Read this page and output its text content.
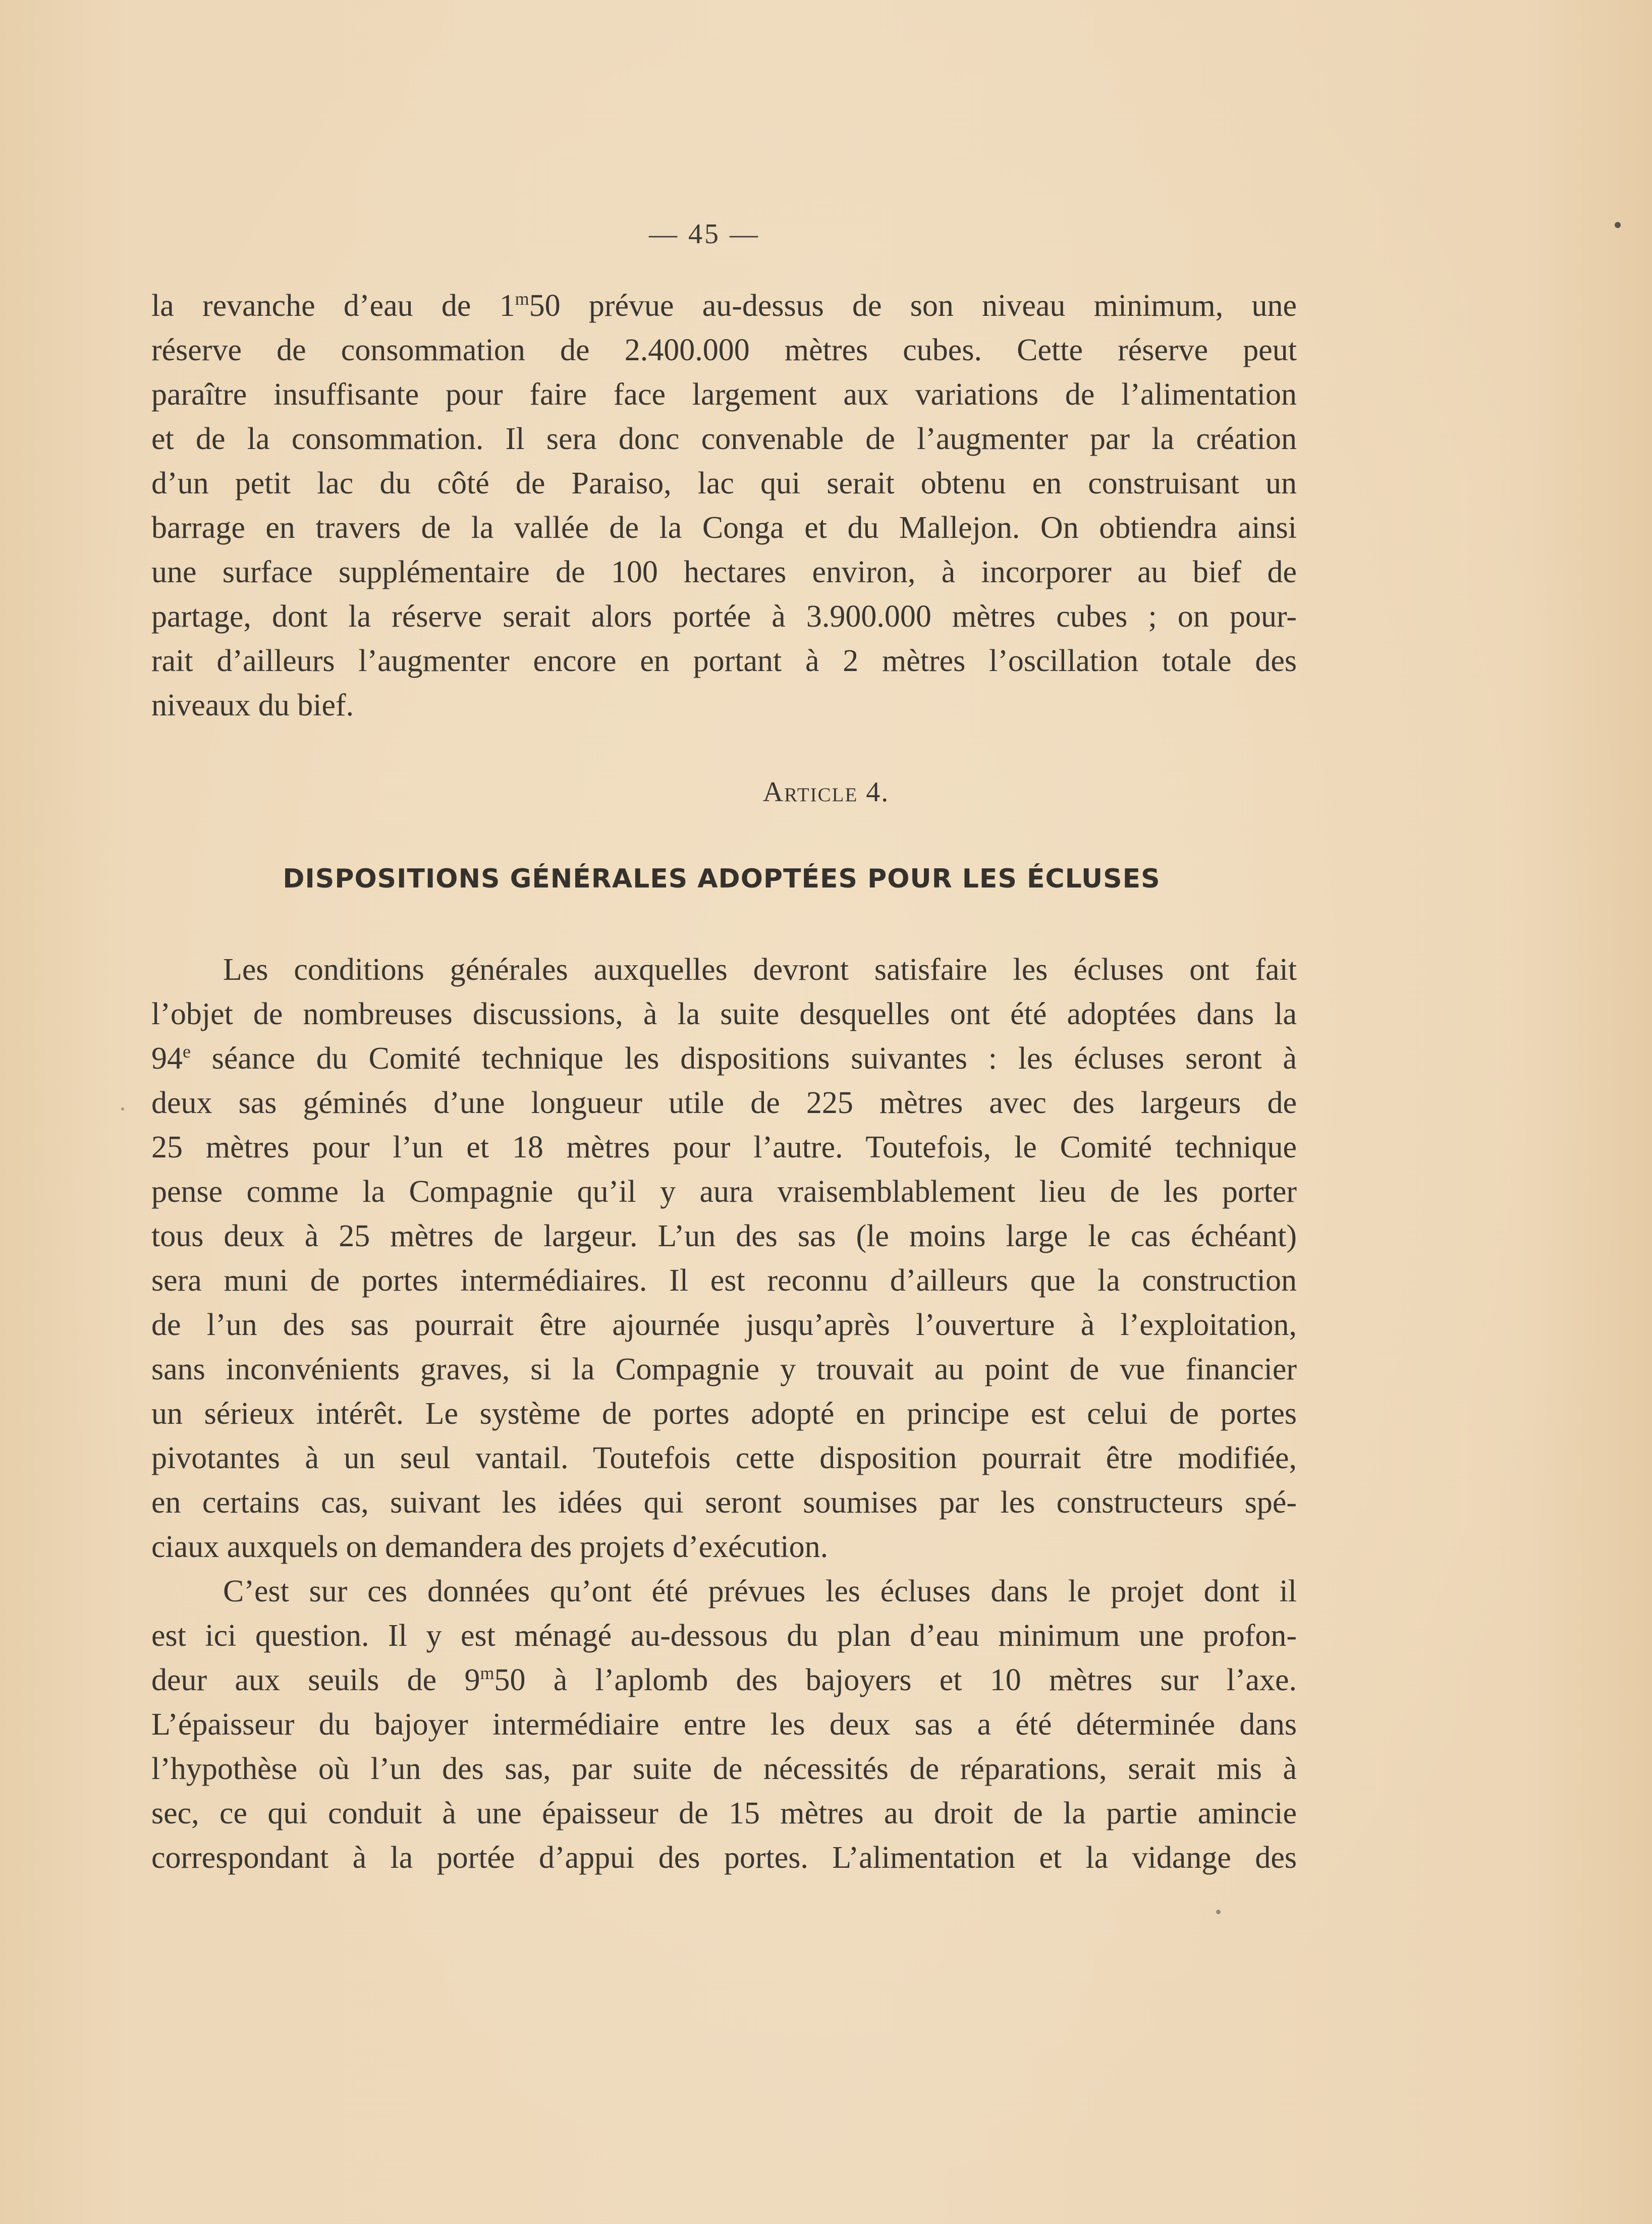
— 45 —
la revanche d’eau de 1$^m$50 prévue au-dessus de son niveau minimum, une
réserve de consommation de 2.400.000 mètres cubes. Cette réserve peut
paraître insuffisante pour faire face largement aux variations de l’alimentation
et de la consommation. Il sera donc convenable de l’augmenter par la création
d’un petit lac du côté de Paraiso, lac qui serait obtenu en construisant un
barrage en travers de la vallée de la Conga et du Mallejon. On obtiendra ainsi
une surface supplémentaire de 100 hectares environ, à incorporer au bief de
partage, dont la réserve serait alors portée à 3.900.000 mètres cubes ; on pour-
rait d’ailleurs l’augmenter encore en portant à 2 mètres l’oscillation totale des
niveaux du bief.
Article 4.
DISPOSITIONS GÉNÉRALES ADOPTÉES POUR LES ÉCLUSES
Les conditions générales auxquelles devront satisfaire les écluses ont fait
l’objet de nombreuses discussions, à la suite desquelles ont été adoptées dans la
94e séance du Comité technique les dispositions suivantes : les écluses seront à
deux sas géminés d’une longueur utile de 225 mètres avec des largeurs de
25 mètres pour l’un et 18 mètres pour l’autre. Toutefois, le Comité technique
pense comme la Compagnie qu’il y aura vraisemblablement lieu de les porter
tous deux à 25 mètres de largeur. L’un des sas (le moins large le cas échéant)
sera muni de portes intermédiaires. Il est reconnu d’ailleurs que la construction
de l’un des sas pourrait être ajournée jusqu’après l’ouverture à l’exploitation,
sans inconvénients graves, si la Compagnie y trouvait au point de vue financier
un sérieux intérêt. Le système de portes adopté en principe est celui de portes
pivotantes à un seul vantail. Toutefois cette disposition pourrait être modifiée,
en certains cas, suivant les idées qui seront soumises par les constructeurs spé-
ciaux auxquels on demandera des projets d’exécution.
C’est sur ces données qu’ont été prévues les écluses dans le projet dont il
est ici question. Il y est ménagé au-dessous du plan d’eau minimum une profon-
deur aux seuils de 9$^m$50 à l’aplomb des bajoyers et 10 mètres sur l’axe.
L’épaisseur du bajoyer intermédiaire entre les deux sas a été déterminée dans
l’hypothèse où l’un des sas, par suite de nécessités de réparations, serait mis à
sec, ce qui conduit à une épaisseur de 15 mètres au droit de la partie amincie
correspondant à la portée d’appui des portes. L’alimentation et la vidange des
